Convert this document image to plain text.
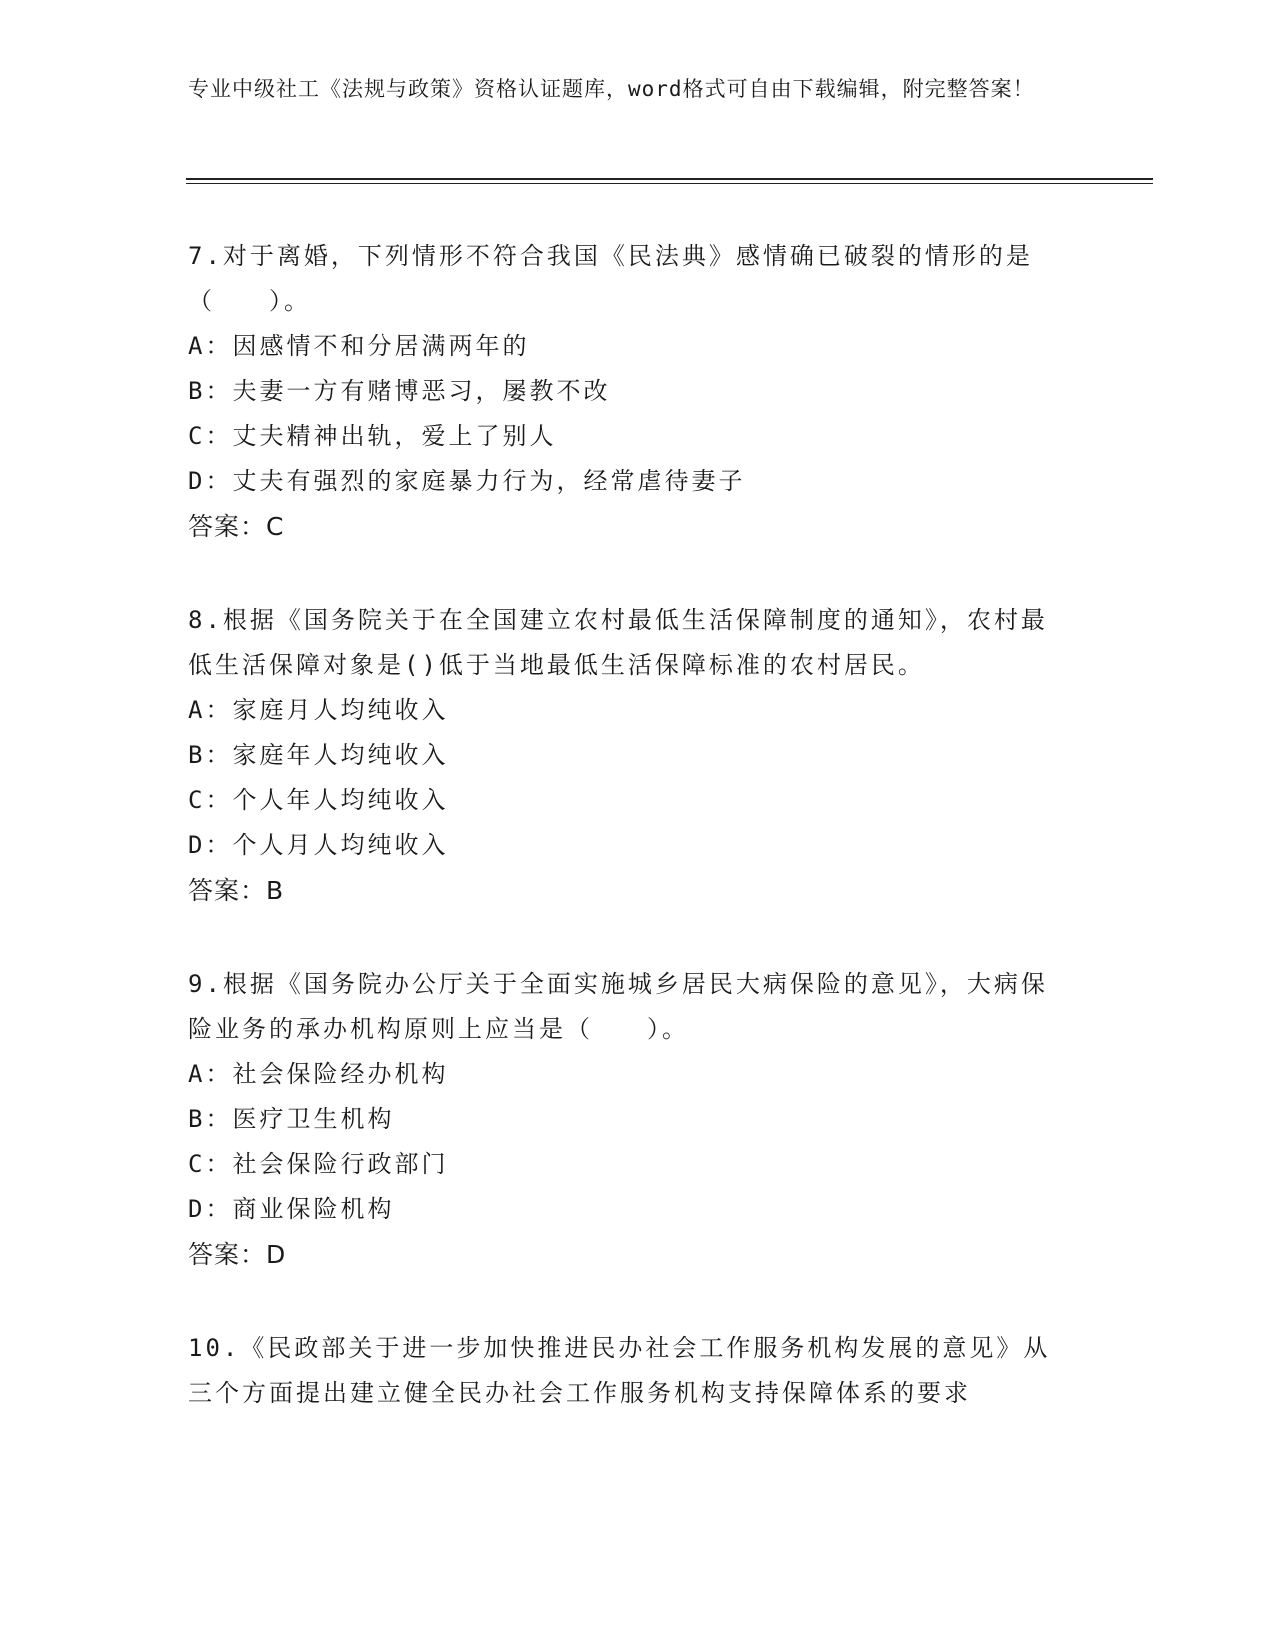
专业中级社工《法规与政策》资格认证题库，word格式可自由下载编辑，附完整答案！

7.对于离婚，下列情形不符合我国《民法典》感情确已破裂的情形的是（　　）。

A：因感情不和分居满两年的
B：夫妻一方有赌博恶习，屡教不改
C：丈夫精神出轨，爱上了别人
D：丈夫有强烈的家庭暴力行为，经常虐待妻子
答案：C

8.根据《国务院关于在全国建立农村最低生活保障制度的通知》，农村最低生活保障对象是()低于当地最低生活保障标准的农村居民。

A：家庭月人均纯收入
B：家庭年人均纯收入
C：个人年人均纯收入
D：个人月人均纯收入
答案：B

9.根据《国务院办公厅关于全面实施城乡居民大病保险的意见》，大病保险业务的承办机构原则上应当是（　　）。

A：社会保险经办机构
B：医疗卫生机构
C：社会保险行政部门
D：商业保险机构
答案：D

10.《民政部关于进一步加快推进民办社会工作服务机构发展的意见》从三个方面提出建立健全民办社会工作服务机构支持保障体系的要求
